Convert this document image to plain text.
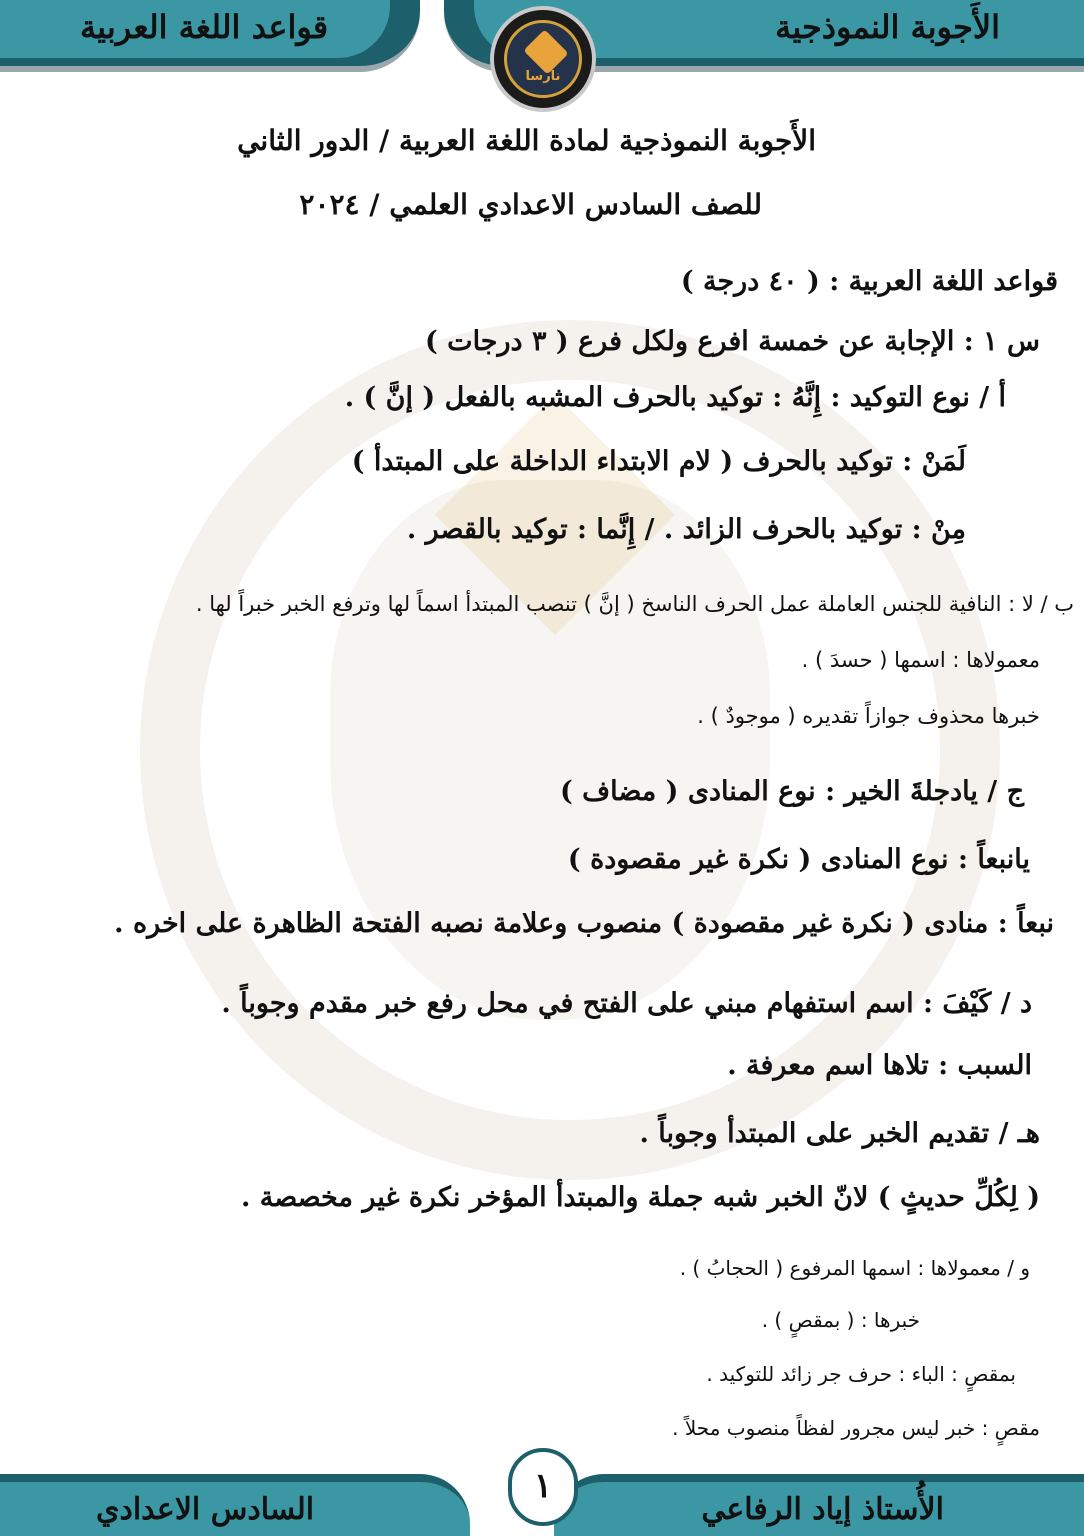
الأَجوبة النموذجية
قواعد اللغة العربية
نارسا
الأَجوبة النموذجية لمادة اللغة العربية / الدور الثاني
للصف السادس الاعدادي العلمي / ٢٠٢٤
قواعد اللغة العربية : ( ٤٠ درجة )
س ١ : الإجابة عن خمسة افرع ولكل فرع ( ٣ درجات )
أ / نوع التوكيد : إِنَّهُ : توكيد بالحرف المشبه بالفعل ( إنَّ ) .
لَمَنْ : توكيد بالحرف ( لام الابتداء الداخلة على المبتدأ )
مِنْ : توكيد بالحرف الزائد . / إِنَّما : توكيد بالقصر .
ب / لا : النافية للجنس العاملة عمل الحرف الناسخ ( إنَّ ) تنصب المبتدأ اسماً لها وترفع الخبر خبراً لها .
معمولاها : اسمها ( حسدَ ) .
خبرها محذوف جوازاً تقديره ( موجودٌ ) .
ج / يادجلةَ الخير : نوع المنادى ( مضاف )
يانبعاً : نوع المنادى ( نكرة غير مقصودة )
نبعاً : منادى ( نكرة غير مقصودة ) منصوب وعلامة نصبه الفتحة الظاهرة على اخره .
د / كَيْفَ : اسم استفهام مبني على الفتح في محل رفع خبر مقدم وجوباً .
السبب : تلاها اسم معرفة .
هـ / تقديم الخبر على المبتدأ وجوباً .
( لِكُلِّ حديثٍ ) لانّ الخبر شبه جملة والمبتدأ المؤخر نكرة غير مخصصة .
و / معمولاها : اسمها المرفوع ( الحجابُ ) .
خبرها : ( بمقصٍ ) .
بمقصٍ : الباء : حرف جر زائد للتوكيد .
مقصٍ : خبر ليس مجرور لفظاً منصوب محلاً .
الأُستاذ إياد الرفاعي
السادس الاعدادي
١
